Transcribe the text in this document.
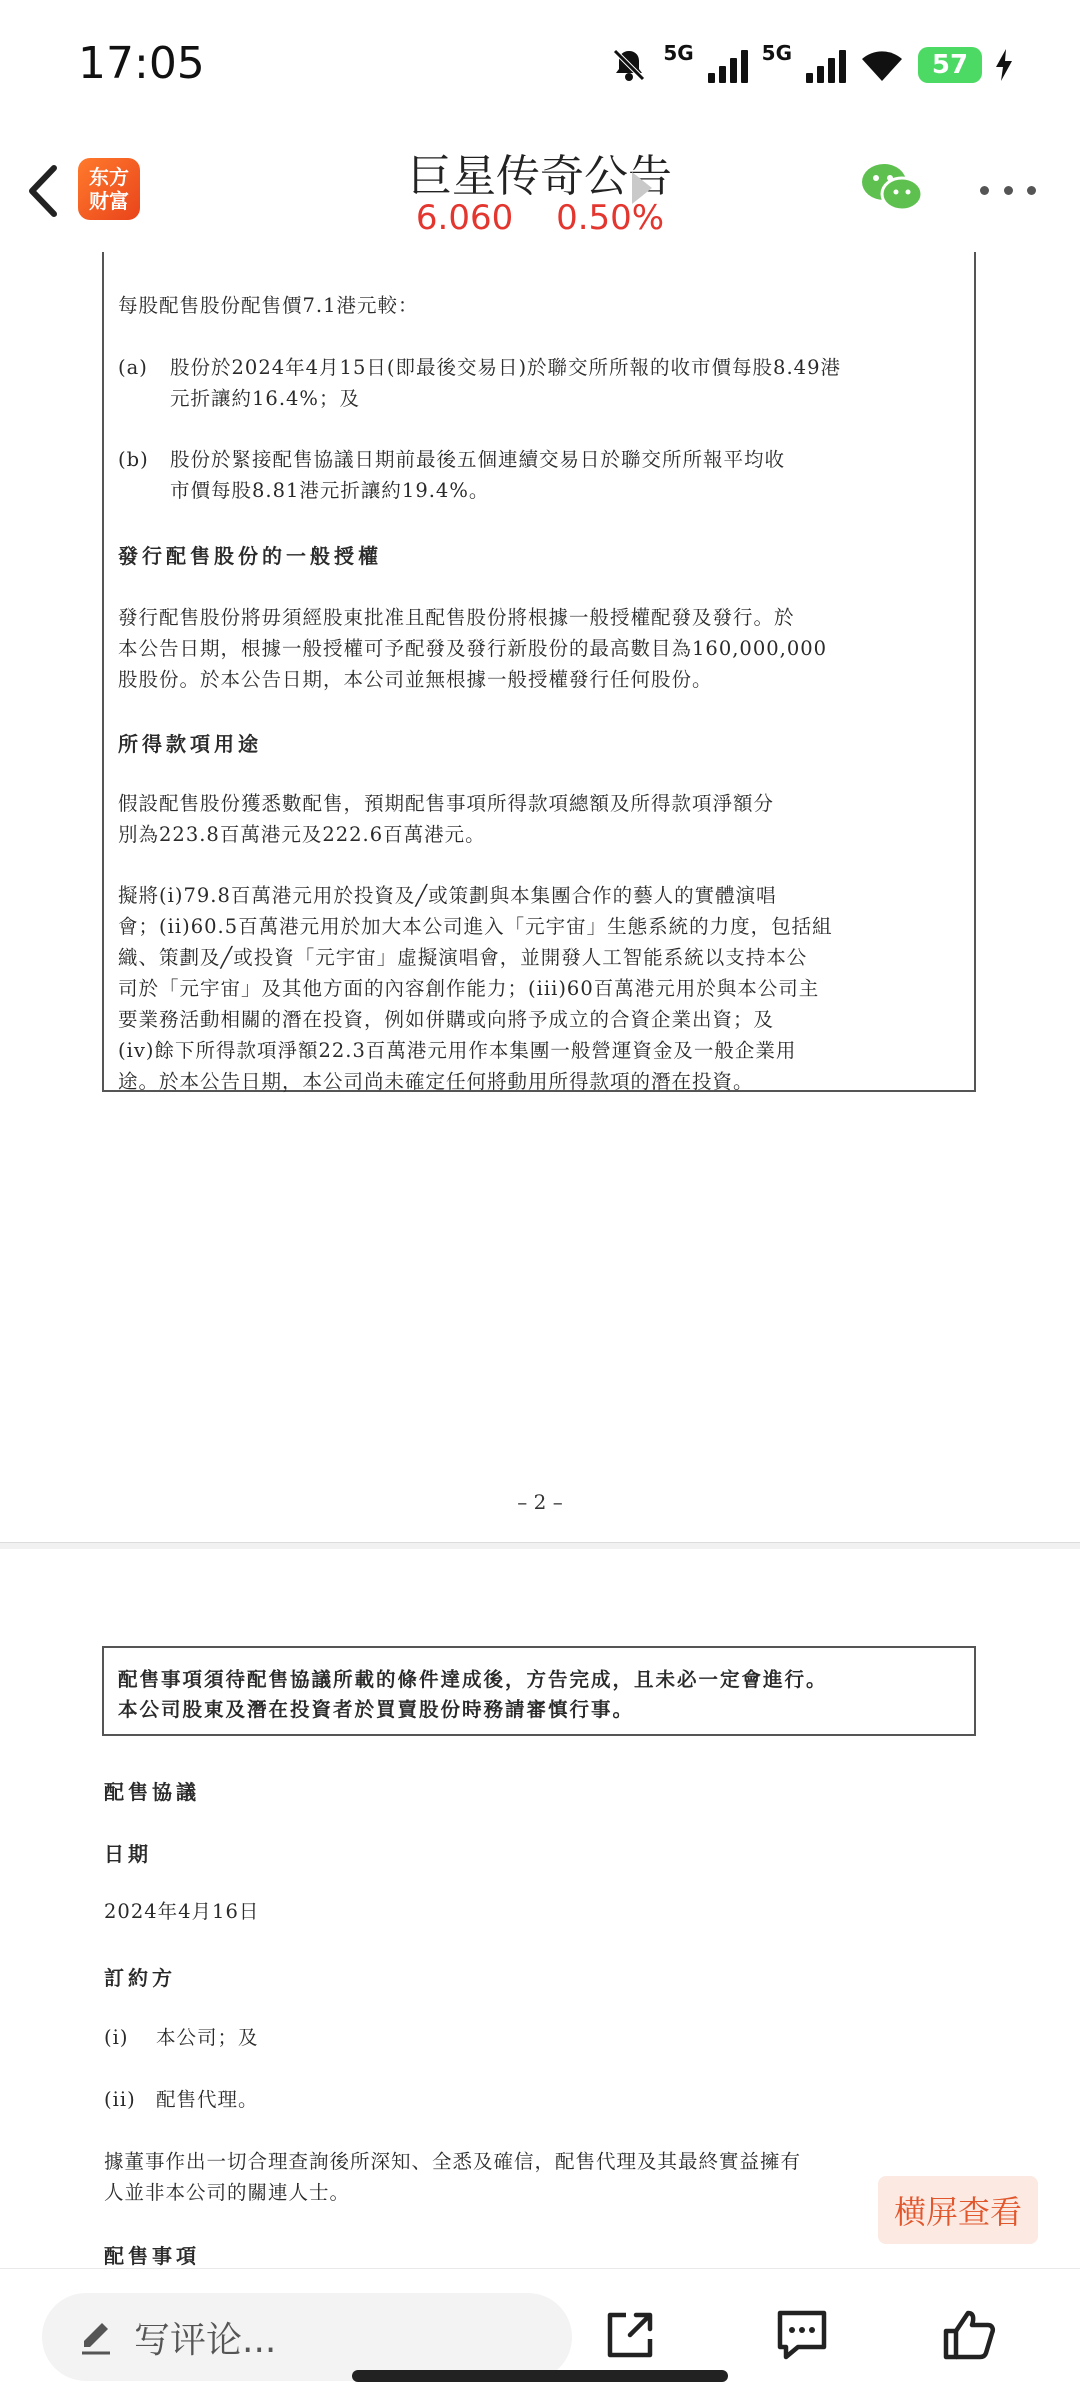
17:05	5G	5G	57
东方
财富	巨星传奇公告
6.060 0.50%
每股配售股份配售價7.1港元較：
(a) 股份於2024年4月15日(即最後交易日)於聯交所所報的收市價每股8.49港
元折讓約16.4%；及
(b) 股份於緊接配售協議日期前最後五個連續交易日於聯交所所報平均收
市價每股8.81港元折讓約19.4%。
發行配售股份的一般授權
發行配售股份將毋須經股東批准且配售股份將根據一般授權配發及發行。於
本公告日期，根據一般授權可予配發及發行新股份的最高數目為160,000,000
股股份。於本公告日期，本公司並無根據一般授權發行任何股份。
所得款項用途
假設配售股份獲悉數配售，預期配售事項所得款項總額及所得款項淨額分
別為223.8百萬港元及222.6百萬港元。
擬將(i)79.8百萬港元用於投資及╱或策劃與本集團合作的藝人的實體演唱
會；(ii)60.5百萬港元用於加大本公司進入「元宇宙」生態系統的力度，包括組
織、策劃及╱或投資「元宇宙」虛擬演唱會，並開發人工智能系統以支持本公
司於「元宇宙」及其他方面的內容創作能力；(iii)60百萬港元用於與本公司主
要業務活動相關的潛在投資，例如併購或向將予成立的合資企業出資；及
(iv)餘下所得款項淨額22.3百萬港元用作本集團一般營運資金及一般企業用
途。於本公告日期，本公司尚未確定任何將動用所得款項的潛在投資。
– 2 –
配售事項須待配售協議所載的條件達成後，方告完成，且未必一定會進行。
本公司股東及潛在投資者於買賣股份時務請審慎行事。
配售協議
日期
2024年4月16日
訂約方
(i) 本公司；及
(ii) 配售代理。
據董事作出一切合理查詢後所深知、全悉及確信，配售代理及其最終實益擁有
人並非本公司的關連人士。
配售事項
横屏查看
写评论...
